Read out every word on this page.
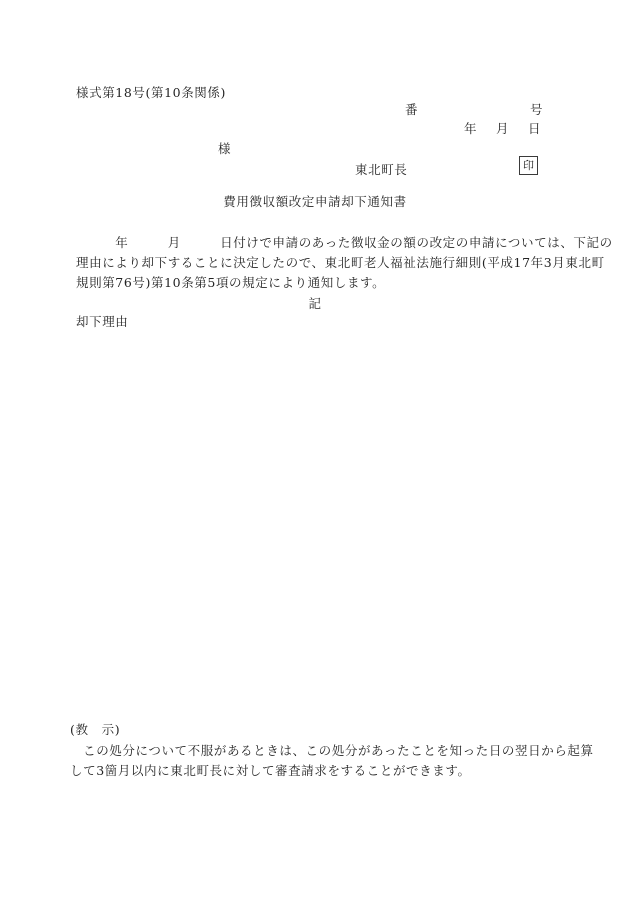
様式第18号(第10条関係)
番	号
年 月 日
様
東北町長	印
費用徴収額改定申請却下通知書
　　　年　　　月　　　日付けで申請のあった徴収金の額の改定の申請については、下記の
理由により却下することに決定したので、東北町老人福祉法施行細則(平成17年3月東北町
規則第76号)第10条第5項の規定により通知します。
記
却下理由
(教　示)
　この処分について不服があるときは、この処分があったことを知った日の翌日から起算
して3箇月以内に東北町長に対して審査請求をすることができます。
